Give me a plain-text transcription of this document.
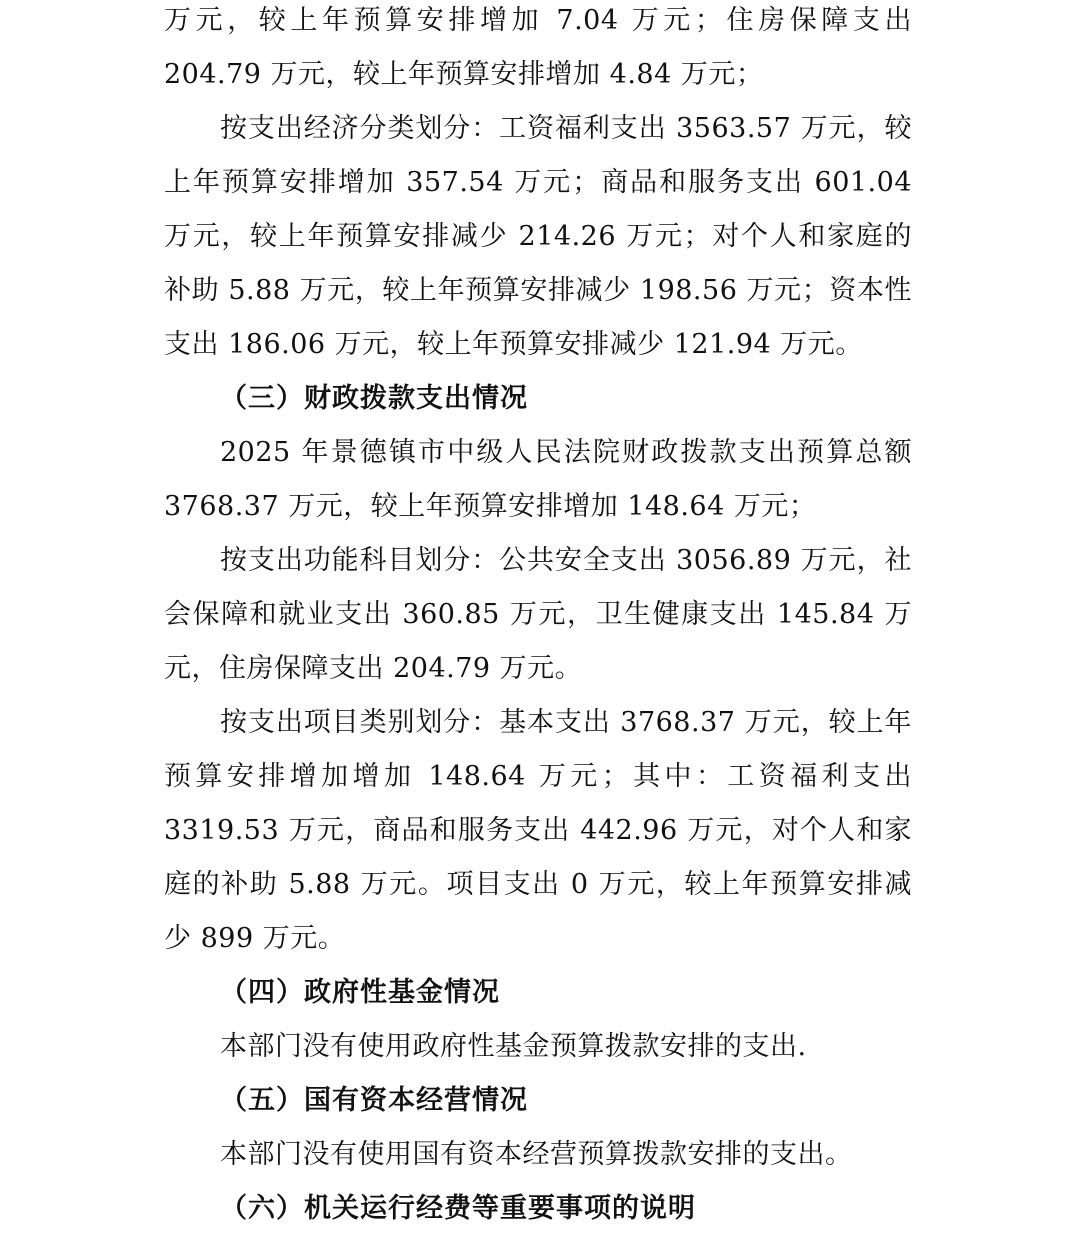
万元，较上年预算安排增加 7.04 万元；住房保障支出 204.79 万元，较上年预算安排增加 4.84 万元；

按支出经济分类划分：工资福利支出 3563.57 万元，较上年预算安排增加 357.54 万元；商品和服务支出 601.04 万元，较上年预算安排减少 214.26 万元；对个人和家庭的补助 5.88 万元，较上年预算安排减少 198.56 万元；资本性支出 186.06 万元，较上年预算安排减少 121.94 万元。

（三）财政拨款支出情况

2025 年景德镇市中级人民法院财政拨款支出预算总额 3768.37 万元，较上年预算安排增加 148.64 万元；

按支出功能科目划分：公共安全支出 3056.89 万元，社会保障和就业支出 360.85 万元，卫生健康支出 145.84 万元，住房保障支出 204.79 万元。

按支出项目类别划分：基本支出 3768.37 万元，较上年预算安排增加增加 148.64 万元；其中：工资福利支出 3319.53 万元，商品和服务支出 442.96 万元，对个人和家庭的补助 5.88 万元。项目支出 0 万元，较上年预算安排减少 899 万元。

（四）政府性基金情况

本部门没有使用政府性基金预算拨款安排的支出.

（五）国有资本经营情况

本部门没有使用国有资本经营预算拨款安排的支出。

（六）机关运行经费等重要事项的说明
